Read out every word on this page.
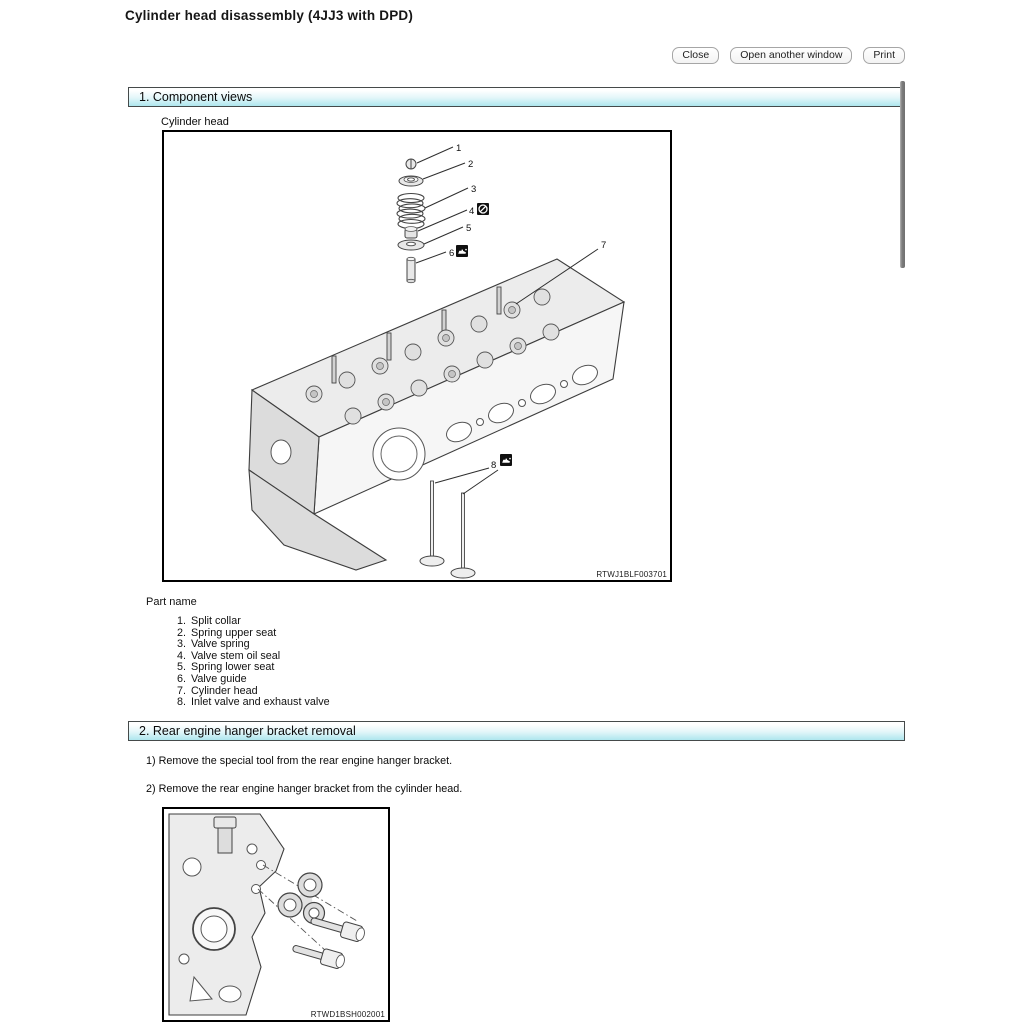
Cylinder head disassembly (4JJ3 with DPD)
Close	Open another window	Print
1. Component views
Cylinder head
1
2
3
4
5
6
7
8
RTWJ1BLF003701
Part name
1. Split collar
2. Spring upper seat
3. Valve spring
4. Valve stem oil seal
5. Spring lower seat
6. Valve guide
7. Cylinder head
8. Inlet valve and exhaust valve
2. Rear engine hanger bracket removal
1) Remove the special tool from the rear engine hanger bracket.
2) Remove the rear engine hanger bracket from the cylinder head.
RTWD1BSH002001
